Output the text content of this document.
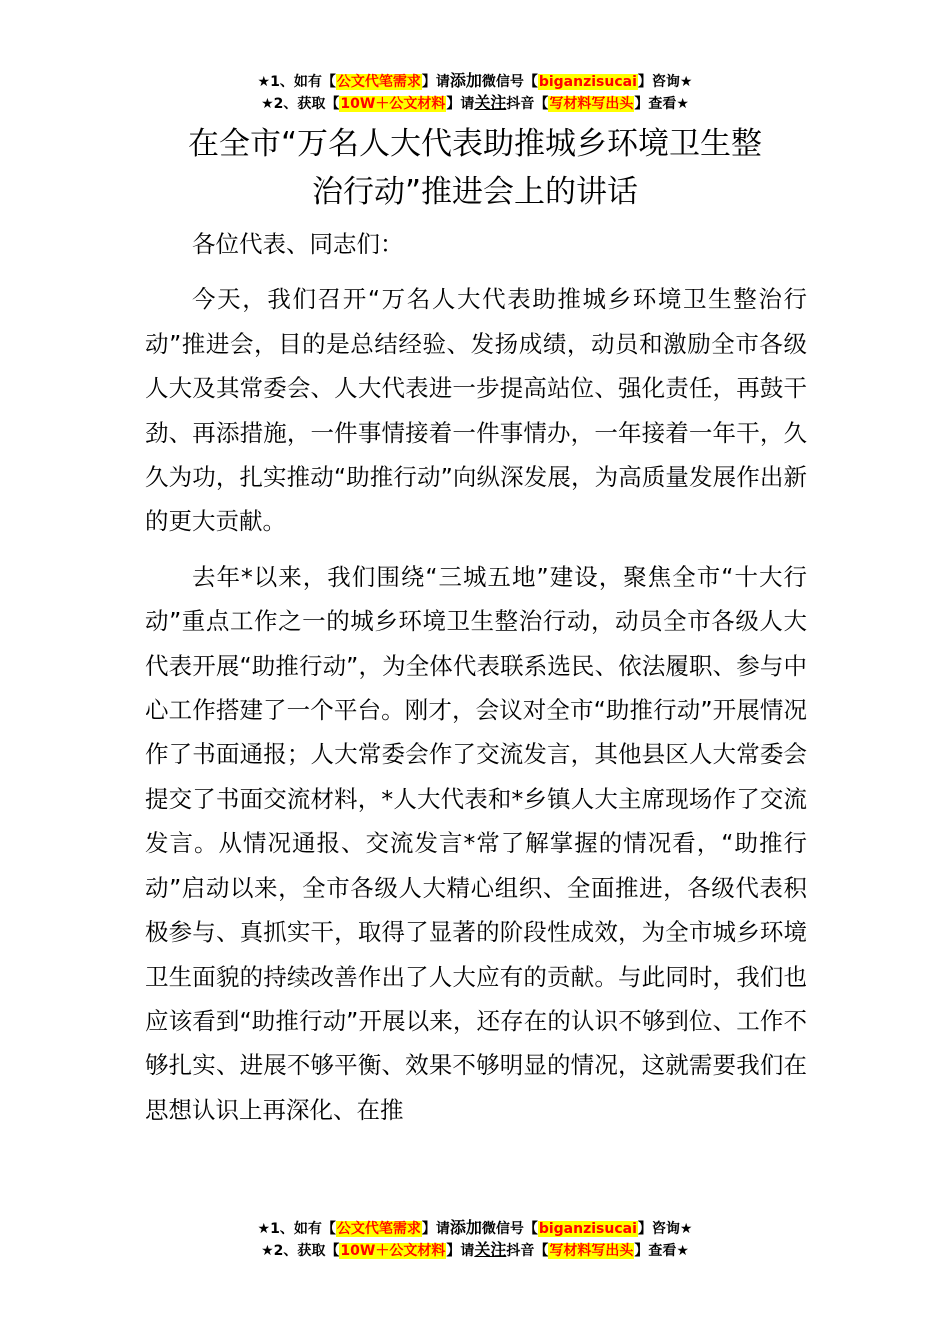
★1、如有【公文代笔需求】请添加微信号【biganzisucai】咨询★
★2、获取【10W＋公文材料】请关注抖音【写材料写出头】查看★
在全市“万名人大代表助推城乡环境卫生整
治行动”推进会上的讲话

各位代表、同志们：

今天，我们召开“万名人大代表助推城乡环境卫生整治行动”推进会，目的是总结经验、发扬成绩，动员和激励全市各级人大及其常委会、人大代表进一步提高站位、强化责任，再鼓干劲、再添措施，一件事情接着一件事情办，一年接着一年干，久久为功，扎实推动“助推行动”向纵深发展，为高质量发展作出新的更大贡献。

去年*以来，我们围绕“三城五地”建设，聚焦全市“十大行动”重点工作之一的城乡环境卫生整治行动，动员全市各级人大代表开展“助推行动”，为全体代表联系选民、依法履职、参与中心工作搭建了一个平台。刚才，会议对全市“助推行动”开展情况作了书面通报；人大常委会作了交流发言，其他县区人大常委会提交了书面交流材料，*人大代表和*乡镇人大主席现场作了交流发言。从情况通报、交流发言*常了解掌握的情况看，“助推行动”启动以来，全市各级人大精心组织、全面推进，各级代表积极参与、真抓实干，取得了显著的阶段性成效，为全市城乡环境卫生面貌的持续改善作出了人大应有的贡献。与此同时，我们也应该看到“助推行动”开展以来，还存在的认识不够到位、工作不够扎实、进展不够平衡、效果不够明显的情况，这就需要我们在思想认识上再深化、在推

★1、如有【公文代笔需求】请添加微信号【biganzisucai】咨询★
★2、获取【10W＋公文材料】请关注抖音【写材料写出头】查看★
